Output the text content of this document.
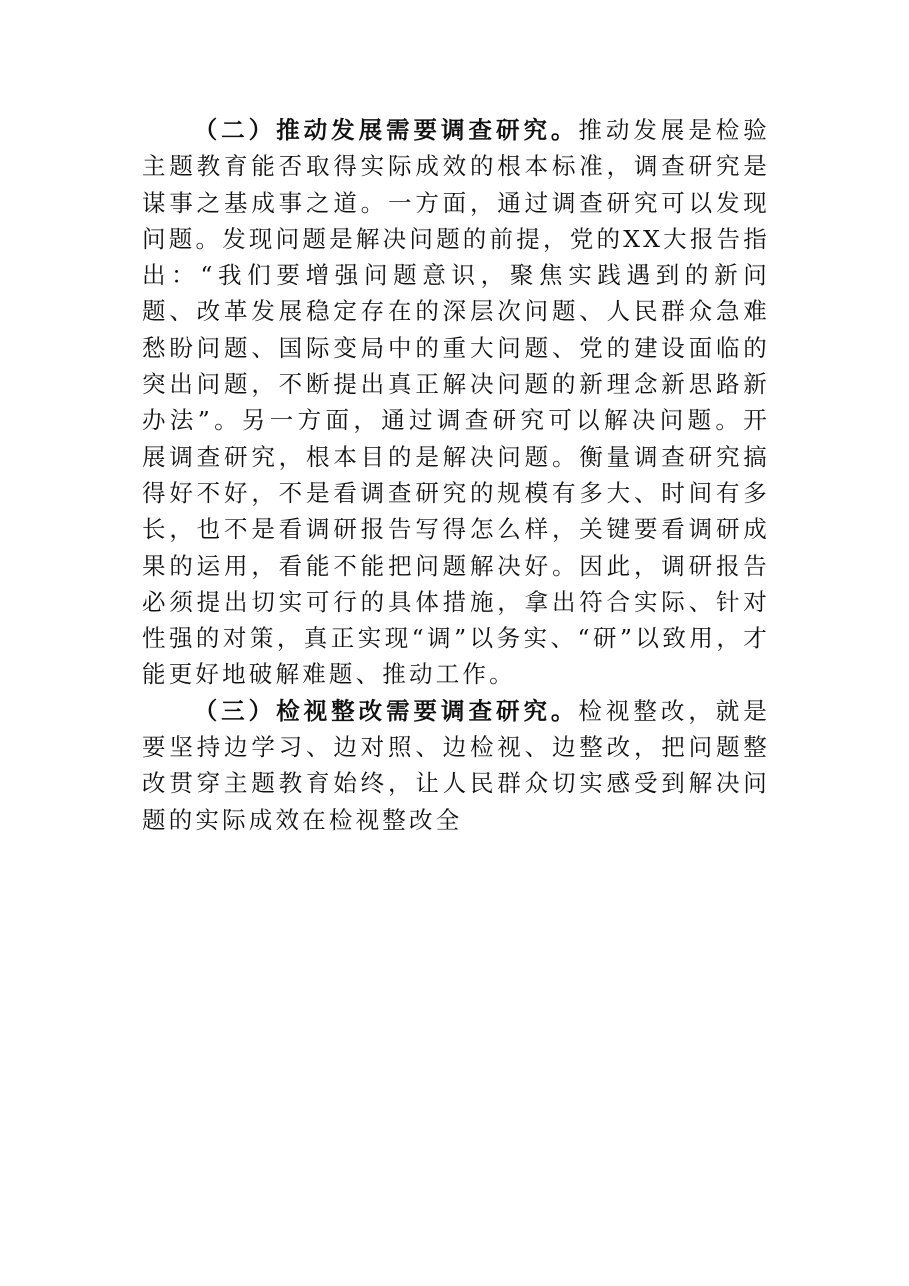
（二）推动发展需要调查研究。推动发展是检验主题教育能否取得实际成效的根本标准，调查研究是谋事之基成事之道。一方面，通过调查研究可以发现问题。发现问题是解决问题的前提，党的XX大报告指出：“我们要增强问题意识，聚焦实践遇到的新问题、改革发展稳定存在的深层次问题、人民群众急难愁盼问题、国际变局中的重大问题、党的建设面临的突出问题，不断提出真正解决问题的新理念新思路新办法”。另一方面，通过调查研究可以解决问题。开展调查研究，根本目的是解决问题。衡量调查研究搞得好不好，不是看调查研究的规模有多大、时间有多长，也不是看调研报告写得怎么样，关键要看调研成果的运用，看能不能把问题解决好。因此，调研报告必须提出切实可行的具体措施，拿出符合实际、针对性强的对策，真正实现“调”以务实、“研”以致用，才能更好地破解难题、推动工作。

（三）检视整改需要调查研究。检视整改，就是要坚持边学习、边对照、边检视、边整改，把问题整改贯穿主题教育始终，让人民群众切实感受到解决问题的实际成效在检视整改全
